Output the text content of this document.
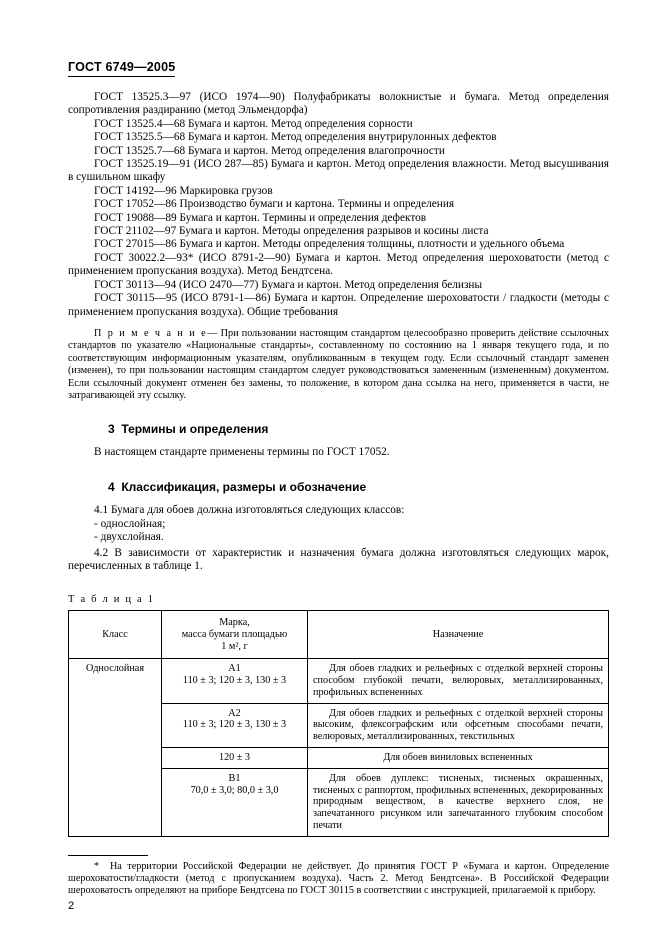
ГОСТ 6749—2005
ГОСТ 13525.3—97 (ИСО 1974—90) Полуфабрикаты волокнистые и бумага. Метод определения сопротивления раздиранию (метод Эльмендорфа)
ГОСТ 13525.4—68 Бумага и картон. Метод определения сорности
ГОСТ 13525.5—68 Бумага и картон. Метод определения внутрирулонных дефектов
ГОСТ 13525.7—68 Бумага и картон. Метод определения влагопрочности
ГОСТ 13525.19—91 (ИСО 287—85) Бумага и картон. Метод определения влажности. Метод высушивания в сушильном шкафу
ГОСТ 14192—96 Маркировка грузов
ГОСТ 17052—86 Производство бумаги и картона. Термины и определения
ГОСТ 19088—89 Бумага и картон. Термины и определения дефектов
ГОСТ 21102—97 Бумага и картон. Методы определения разрывов и косины листа
ГОСТ 27015—86 Бумага и картон. Методы определения толщины, плотности и удельного объема
ГОСТ 30022.2—93* (ИСО 8791-2—90) Бумага и картон. Метод определения шероховатости (метод с применением пропускания воздуха). Метод Бендтсена.
ГОСТ 30113—94 (ИСО 2470—77) Бумага и картон. Метод определения белизны
ГОСТ 30115—95 (ИСО 8791-1—86) Бумага и картон. Определение шероховатости / гладкости (методы с применением пропускания воздуха). Общие требования
П р и м е ч а н и е— При пользовании настоящим стандартом целесообразно проверить действие ссылочных стандартов по указателю «Национальные стандарты», составленному по состоянию на 1 января текущего года, и по соответствующим информационным указателям, опубликованным в текущем году. Если ссылочный стандарт заменен (изменен), то при пользовании настоящим стандартом следует руководствоваться замененным (измененным) документом. Если ссылочный документ отменен без замены, то положение, в котором дана ссылка на него, применяется в части, не затрагивающей эту ссылку.
3 Термины и определения
В настоящем стандарте применены термины по ГОСТ 17052.
4 Классификация, размеры и обозначение
4.1 Бумага для обоев должна изготовляться следующих классов:
- однослойная;
- двухслойная.
4.2 В зависимости от характеристик и назначения бумага должна изготовляться следующих марок, перечисленных в таблице 1.
Т а б л и ц а 1
Класс	Марка,
масса бумаги площадью
1 м², г	Назначение
Однослойная	А1
110 ± 3; 120 ± 3, 130 ± 3	Для обоев гладких и рельефных с отделкой верхней стороны способом глубокой печати, велюровых, металлизированных, профильных вспененных

	А2
110 ± 3; 120 ± 3, 130 ± 3	Для обоев гладких и рельефных с отделкой верхней стороны высоким, флексографским или офсетным способами печати, велюровых, металлизированных, текстильных

	120 ± 3	Для обоев виниловых вспененных

	В1
70,0 ± 3,0; 80,0 ± 3,0	Для обоев дуплекс: тисненых, тисненых окрашенных, тисненых с раппортом, профильных вспененных, декорированных природным веществом, в качестве верхнего слоя, не запечатанного рисунком или запечатанного глубоким способом печати
* На территории Российской Федерации не действует. До принятия ГОСТ Р «Бумага и картон. Определение шероховатости/гладкости (метод с пропусканием воздуха). Часть 2. Метод Бендтсена». В Российской Федерации шероховатость определяют на приборе Бендтсена по ГОСТ 30115 в соответствии с инструкцией, прилагаемой к прибору.
2
